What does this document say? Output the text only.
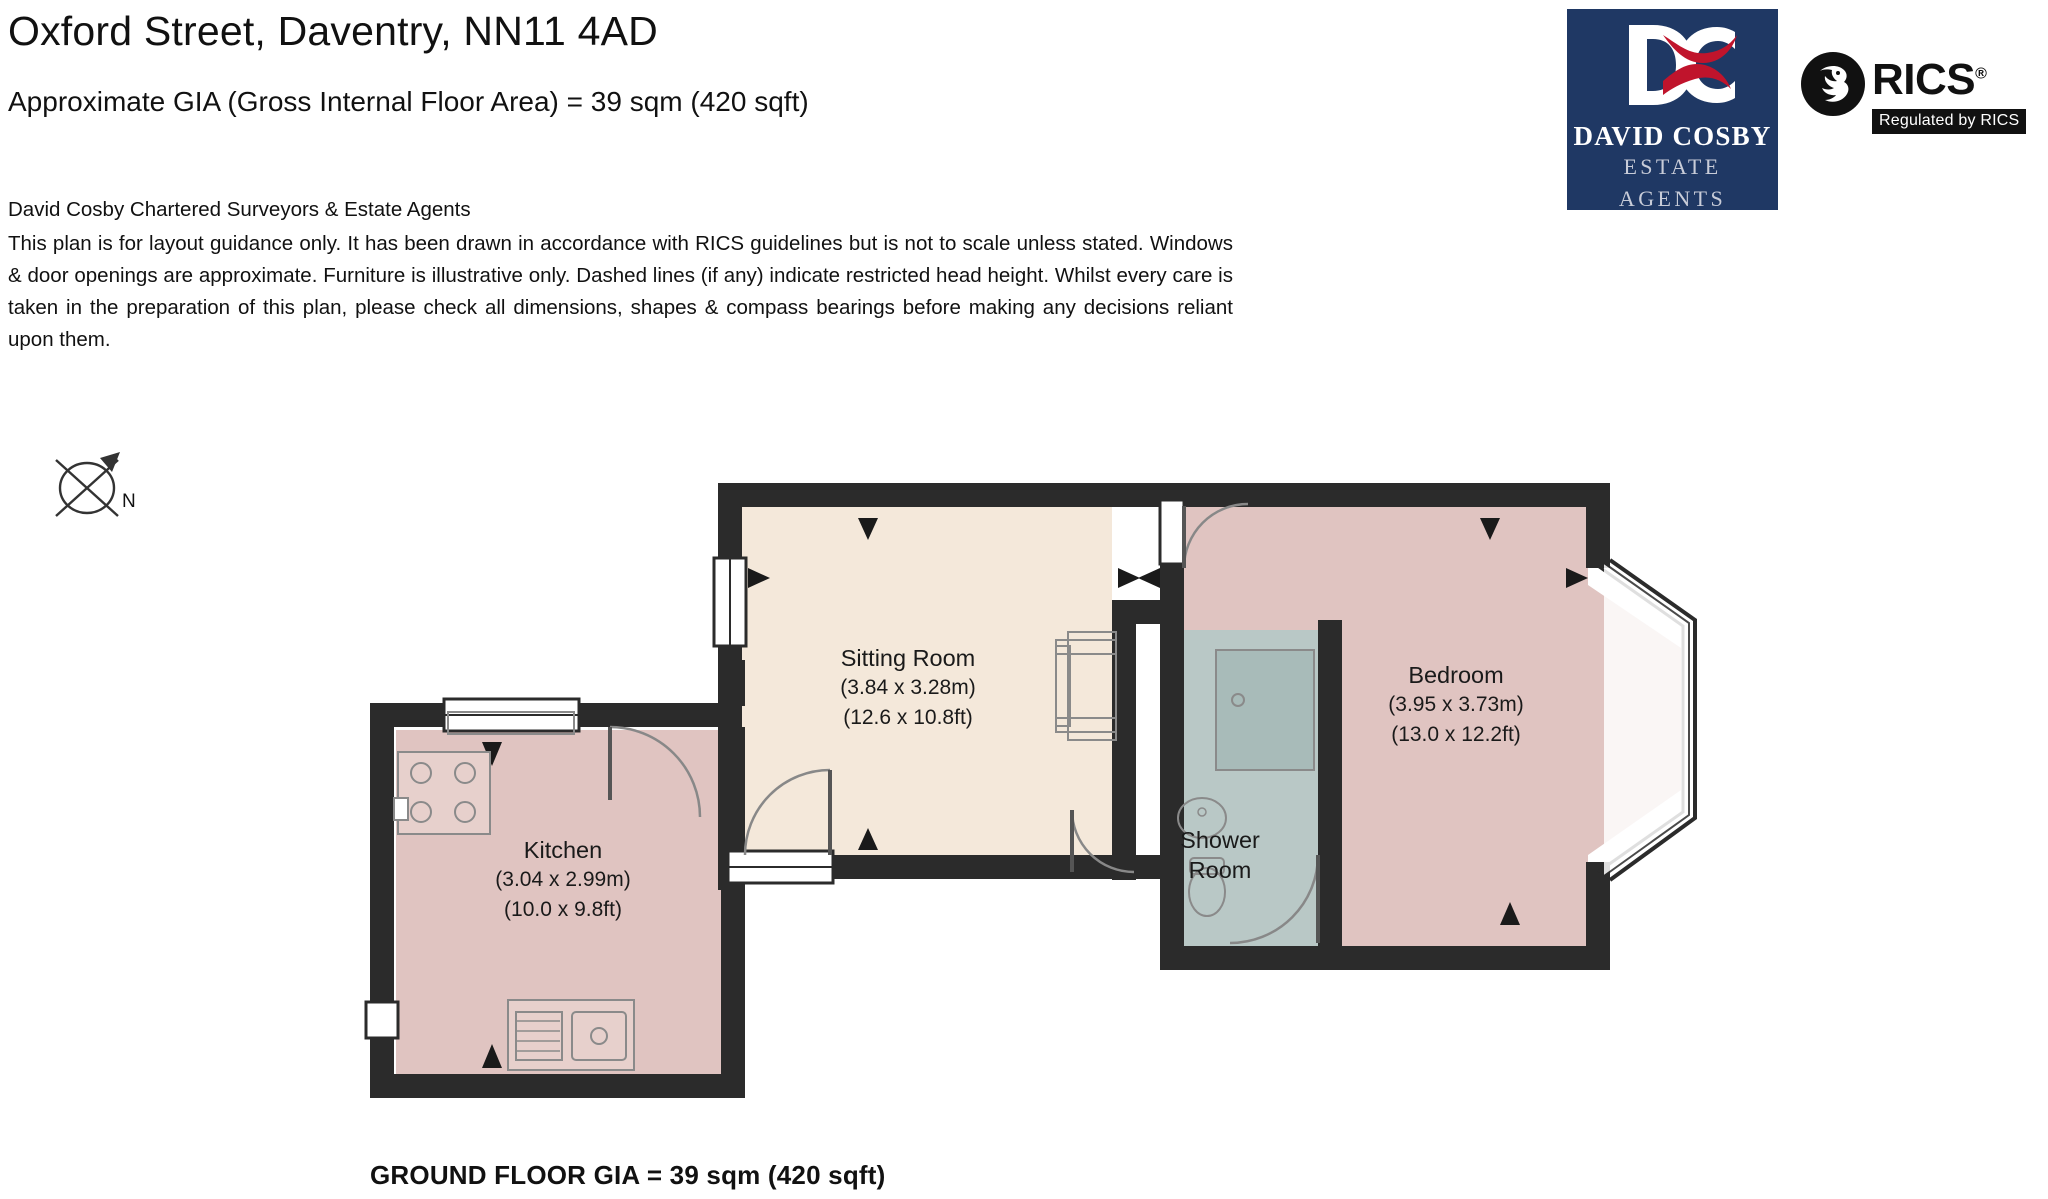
Oxford Street, Daventry, NN11 4AD
Approximate GIA (Gross Internal Floor Area) = 39 sqm (420 sqft)
David Cosby Chartered Surveyors & Estate Agents
This plan is for layout guidance only. It has been drawn in accordance with RICS guidelines but is not to scale unless stated. Windows & door openings are approximate. Furniture is illustrative only. Dashed lines (if any) indicate restricted head height. Whilst every care is taken in the preparation of this plan, please check all dimensions, shapes & compass bearings before making any decisions reliant upon them.
DAVID COSBY
ESTATE AGENTS
RICS®
Regulated by RICS
N
Sitting Room
(3.84 x 3.28m)
(12.6 x 10.8ft)
Bedroom
(3.95 x 3.73m)
(13.0 x 12.2ft)
Kitchen
(3.04 x 2.99m)
(10.0 x 9.8ft)
Shower
Room
GROUND FLOOR GIA = 39 sqm (420 sqft)
